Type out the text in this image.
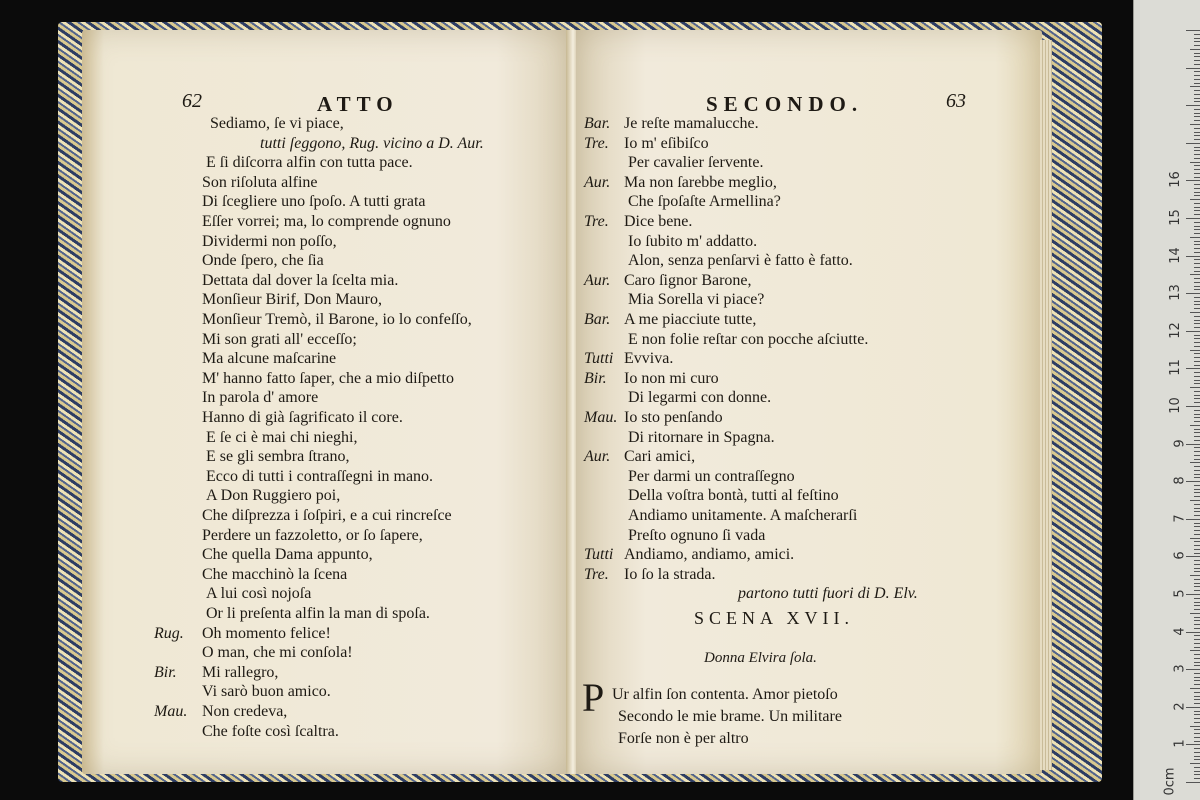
62	ATTO
Sediamo, ſe vi piace,
tutti ſeggono, Rug. vicino a D. Aur.
E ſi diſcorra alfin con tutta pace.
Son riſoluta alfine
Di ſcegliere uno ſpoſo. A tutti grata
Eſſer vorrei; ma, lo comprende ognuno
Dividermi non poſſo,
Onde ſpero, che ſia
Dettata dal dover la ſcelta mia.
Monſieur Birif, Don Mauro,
Monſieur Tremò, il Barone, io lo confeſſo,
Mi son grati all' ecceſſo;
Ma alcune maſcarine
M' hanno fatto ſaper, che a mio diſpetto
In parola d' amore
Hanno di già ſagrificato il core.
E ſe ci è mai chi nieghi,
E se gli sembra ſtrano,
Ecco di tutti i contraſſegni in mano.
A Don Ruggiero poi,
Che diſprezza i ſoſpiri, e a cui rincreſce
Perdere un fazzoletto, or ſo ſapere,
Che quella Dama appunto,
Che macchinò la ſcena
A lui così nojoſa
Or li preſenta alfin la man di spoſa.
Rug. Oh momento felice!
O man, che mi conſola!
Bir. Mi rallegro,
Vi sarò buon amico.
Mau. Non credeva,
Che foſte così ſcaltra.
SECONDO.	63
Bar. Je reſte mamalucche.
Tre. Io m' eſibiſco
Per cavalier ſervente.
Aur. Ma non ſarebbe meglio,
Che ſpoſaſte Armellina?
Tre. Dice bene.
Io ſubito m' addatto.
Alon, senza penſarvi è fatto è fatto.
Aur. Caro ſignor Barone,
Mia Sorella vi piace?
Bar. A me piacciute tutte,
E non folie reſtar con pocche aſciutte.
Tutti Evviva.
Bir. Io non mi curo
Di legarmi con donne.
Mau. Io sto penſando
Di ritornare in Spagna.
Aur. Cari amici,
Per darmi un contraſſegno
Della voſtra bontà, tutti al feſtino
Andiamo unitamente. A maſcherarſi
Preſto ognuno ſi vada
Tutti Andiamo, andiamo, amici.
Tre. Io ſo la strada.
partono tutti fuori di D. Elv.
SCENA XVII.
Donna Elvira ſola.
P Ur alfin ſon contenta. Amor pietoſo
Secondo le mie brame. Un militare
Forſe non è per altro
0cm
1
2
3
4
5
6
7
8
9
10
11
12
13
14
15
16
